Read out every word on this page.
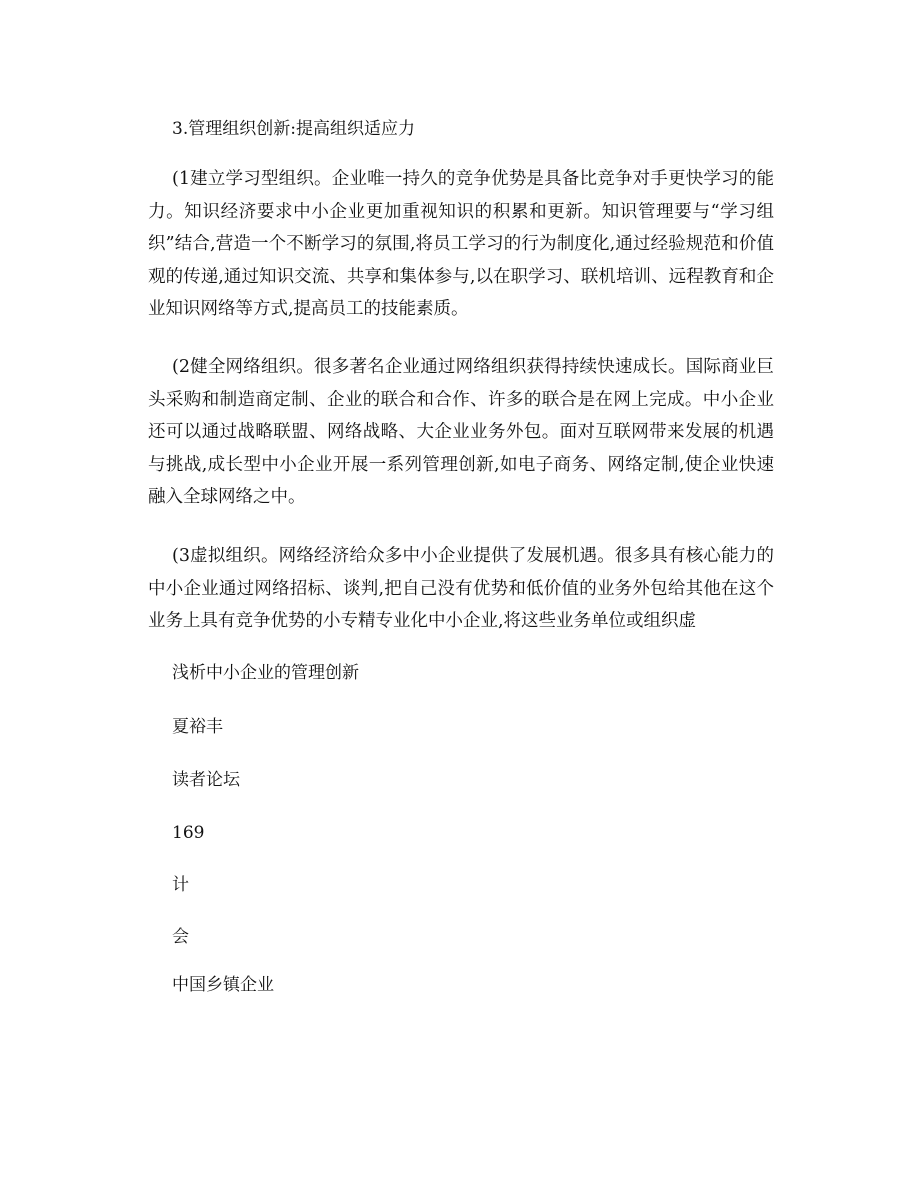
3.管理组织创新:提高组织适应力

(1建立学习型组织。企业唯一持久的竞争优势是具备比竞争对手更快学习的能力。知识经济要求中小企业更加重视知识的积累和更新。知识管理要与“学习组织”结合,营造一个不断学习的氛围,将员工学习的行为制度化,通过经验规范和价值观的传递,通过知识交流、共享和集体参与,以在职学习、联机培训、远程教育和企业知识网络等方式,提高员工的技能素质。

(2健全网络组织。很多著名企业通过网络组织获得持续快速成长。国际商业巨头采购和制造商定制、企业的联合和合作、许多的联合是在网上完成。中小企业还可以通过战略联盟、网络战略、大企业业务外包。面对互联网带来发展的机遇与挑战,成长型中小企业开展一系列管理创新,如电子商务、网络定制,使企业快速融入全球网络之中。

(3虚拟组织。网络经济给众多中小企业提供了发展机遇。很多具有核心能力的中小企业通过网络招标、谈判,把自己没有优势和低价值的业务外包给其他在这个业务上具有竞争优势的小专精专业化中小企业,将这些业务单位或组织虚

浅析中小企业的管理创新
夏裕丰
读者论坛
169
计
会
中国乡镇企业
